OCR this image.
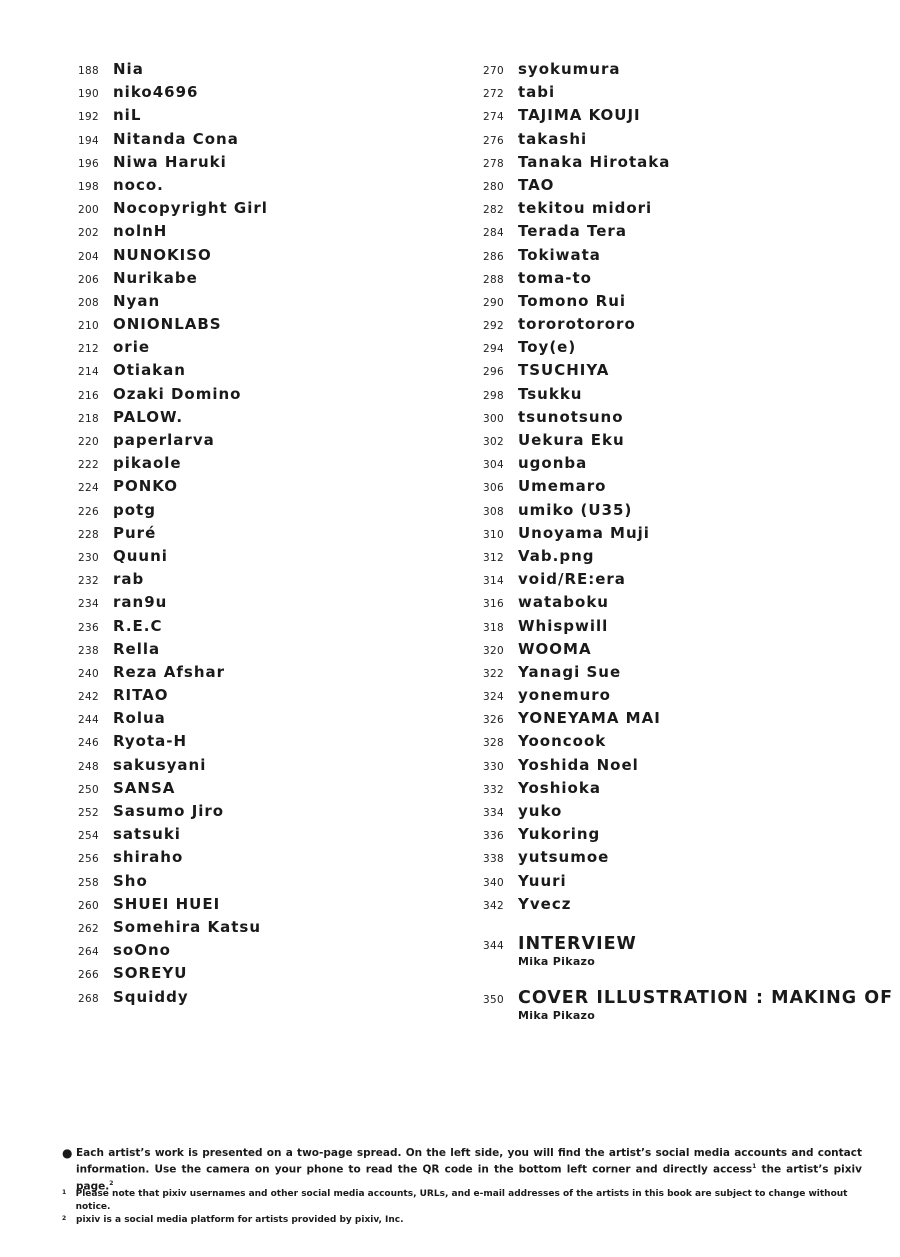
188 Nia
190 niko4696
192 niL
194 Nitanda Cona
196 Niwa Haruki
198 noco.
200 Nocopyright Girl
202 nolnH
204 NUNOKISO
206 Nurikabe
208 Nyan
210 ONIONLABS
212 orie
214 Otiakan
216 Ozaki Domino
218 PALOW.
220 paperlarva
222 pikaole
224 PONKO
226 potg
228 Puré
230 Quuni
232 rab
234 ran9u
236 R.E.C
238 Rella
240 Reza Afshar
242 RITAO
244 Rolua
246 Ryota-H
248 sakusyani
250 SANSA
252 Sasumo Jiro
254 satsuki
256 shiraho
258 Sho
260 SHUEI HUEI
262 Somehira Katsu
264 soOno
266 SOREYU
268 Squiddy
270 syokumura
272 tabi
274 TAJIMA KOUJI
276 takashi
278 Tanaka Hirotaka
280 TAO
282 tekitou midori
284 Terada Tera
286 Tokiwata
288 toma-to
290 Tomono Rui
292 tororotororo
294 Toy(e)
296 TSUCHIYA
298 Tsukku
300 tsunotsuno
302 Uekura Eku
304 ugonba
306 Umemaro
308 umiko (U35)
310 Unoyama Muji
312 Vab.png
314 void/RE:era
316 wataboku
318 Whispwill
320 WOOMA
322 Yanagi Sue
324 yonemuro
326 YONEYAMA MAI
328 Yooncook
330 Yoshida Noel
332 Yoshioka
334 yuko
336 Yukoring
338 yutsumoe
340 Yuuri
342 Yvecz
344 INTERVIEW
Mika Pikazo
350 COVER ILLUSTRATION : MAKING OF
Mika Pikazo
● Each artist’s work is presented on a two-page spread. On the left side, you will find the artist’s social media accounts and contact information. Use the camera on your phone to read the QR code in the bottom left corner and directly access$^1$ the artist’s pixiv page.$^2$
1	Please note that pixiv usernames and other social media accounts, URLs, and e-mail addresses of the artists in this book are subject to change without notice.
2	pixiv is a social media platform for artists provided by pixiv, Inc.
